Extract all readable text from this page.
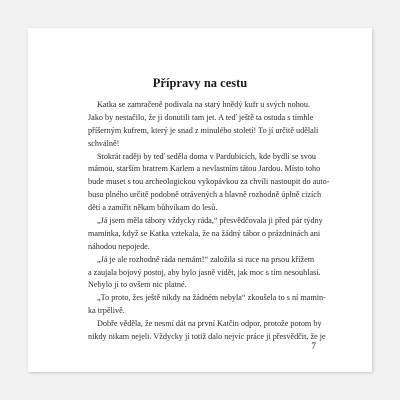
Přípravy na cestu
Katka se zamračeně podívala na starý hnědý kufr u svých nohou.
Jako by nestačilo, že ji donutili tam jet. A teď ještě ta ostuda s tímhle
příšerným kufrem, který je snad z minulého století! To jí určitě udělali
schválně!
Stokrát raději by teď seděla doma v Pardubicích, kde bydlí se svou
mámou, starším bratrem Karlem a nevlastním tátou Jardou. Místo toho
bude muset s tou archeologickou vykopávkou za chvíli nastoupit do auto-
busu plného určitě podobně otrávených a hlavně rozhodně úplně cizích
dětí a zamířit někam bůhvíkam do lesů.
„Já jsem měla tábory vždycky ráda,“ přesvědčovala ji před pár týdny
maminka, když se Katka vztekala, že na žádný tábor o prázdninách ani
náhodou nepojede.
„Já je ale rozhodně ráda nemám!“ založila si ruce na prsou křížem
a zaujala bojový postoj, aby bylo jasně vidět, jak moc s tím nesouhlasí.
Nebylo jí to ovšem nic platné.
„To proto, žes ještě nikdy na žádném nebyla“ zkoušela to s ní mamin-
ka trpělivě.
Dobře věděla, že nesmí dát na první Katčin odpor, protože potom by
nikdy nikam nejeli. Vždycky jí totiž dalo nejvíc práce ji přesvědčit, že je
7
